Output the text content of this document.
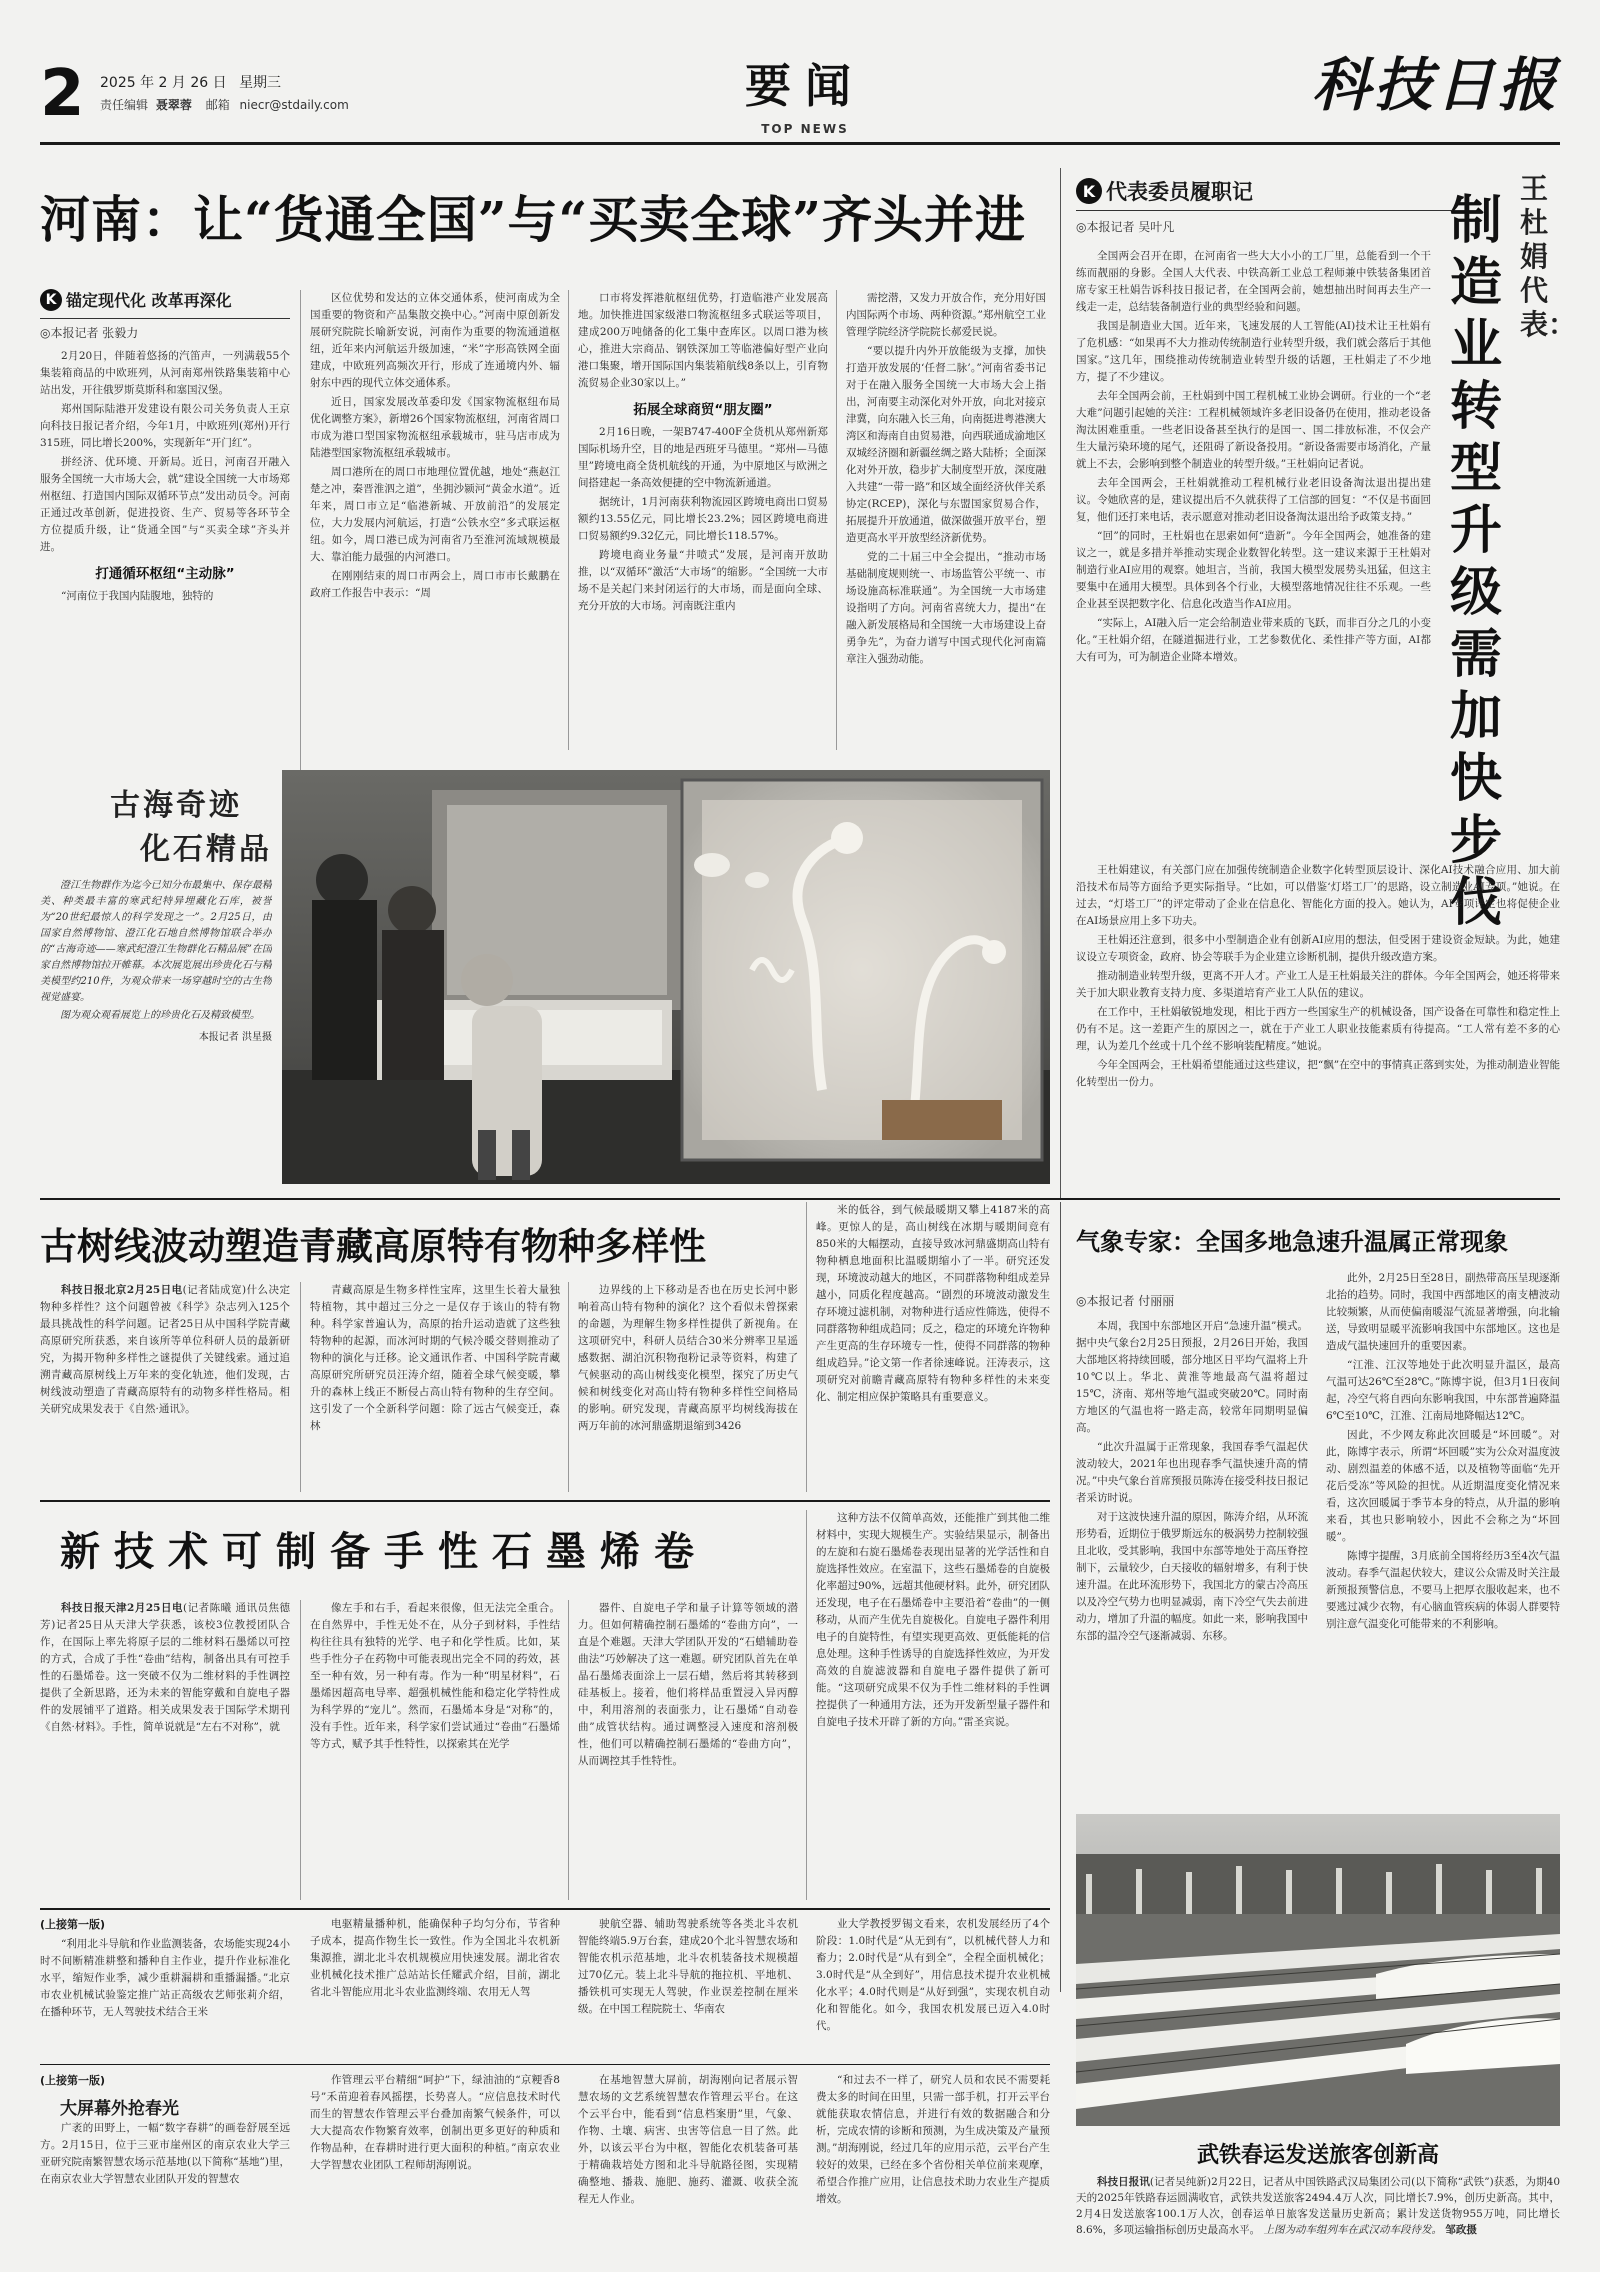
2 2025 年 2 月 26 日 星期三
责任编辑 聂翠蓉 邮箱 niecr@stdaily.com	要闻
TOP NEWS
科技日报
河南：让“货通全国”与“买卖全球”齐头并进
K 锚定现代化 改革再深化
◎本报记者 张毅力

2月20日，伴随着悠扬的汽笛声，一列满载55个集装箱商品的中欧班列，从河南郑州铁路集装箱中心站出发，开往俄罗斯莫斯科和塞国汉堡。

郑州国际陆港开发建设有限公司关务负责人王京向科技日报记者介绍，今年1月，中欧班列(郑州)开行315班，同比增长200%，实现新年“开门红”。

拼经济、优环境、开新局。近日，河南召开融入服务全国统一大市场大会，就“建设全国统一大市场郑州枢纽、打造国内国际双循环节点”发出动员令。河南正通过改革创新，促进投资、生产、贸易等各环节全方位提质升级，让“货通全国”与“买卖全球”齐头并进。

打通循环枢纽“主动脉”

“河南位于我国内陆腹地，独特的

区位优势和发达的立体交通体系，使河南成为全国重要的物资和产品集散交换中心。”河南中原创新发展研究院院长喻新安说，河南作为重要的物流通道枢纽，近年来内河航运升级加速，“米”字形高铁网全面建成，中欧班列高频次开行，形成了连通境内外、辐射东中西的现代立体交通体系。

近日，国家发展改革委印发《国家物流枢纽布局优化调整方案》，新增26个国家物流枢纽，河南省周口市成为港口型国家物流枢纽承载城市，驻马店市成为陆港型国家物流枢纽承载城市。

周口港所在的周口市地理位置优越，地处“燕赵江楚之冲，秦晋淮泗之道”，坐拥沙颍河“黄金水道”。近年来，周口市立足“临港新城、开放前沿”的发展定位，大力发展内河航运，打造“公铁水空”多式联运枢纽。如今，周口港已成为河南省乃至淮河流域规模最大、靠泊能力最强的内河港口。

在刚刚结束的周口市两会上，周口市市长戴鹏在政府工作报告中表示：“周

口市将发挥港航枢纽优势，打造临港产业发展高地。加快推进国家级港口物流枢纽多式联运等项目，建成200万吨储备的化工集中查库区。以周口港为核心，推进大宗商品、钢铁深加工等临港偏好型产业向港口集聚，增开国际国内集装箱航线8条以上，引育物流贸易企业30家以上。”

拓展全球商贸“朋友圈”

2月16日晚，一架B747-400F全货机从郑州新郑国际机场升空，目的地是西班牙马德里。“郑州—马德里”跨境电商全货机航线的开通，为中原地区与欧洲之间搭建起一条高效便捷的空中物流新通道。

据统计，1月河南获利物流园区跨境电商出口贸易额约13.55亿元，同比增长23.2%；园区跨境电商进口贸易额约9.32亿元，同比增长118.57%。

跨境电商业务量“井喷式”发展，是河南开放助推，以“双循环”激活“大市场”的缩影。“全国统一大市场不是关起门来封闭运行的大市场，而是面向全球、充分开放的大市场。河南既注重内

需挖潜，又发力开放合作，充分用好国内国际两个市场、两种资源。”郑州航空工业管理学院经济学院院长郝爱民说。

“要以提升内外开放能级为支撑，加快打造开放发展的‘任督二脉’。”河南省委书记对于在融入服务全国统一大市场大会上指出，河南要主动深化对外开放，向北对接京津冀，向东融入长三角，向南挺进粤港澳大湾区和海南自由贸易港，向西联通成渝地区双城经济圈和新疆丝绸之路大陆桥；全面深化对外开放，稳步扩大制度型开放，深度融入共建“一带一路”和区域全面经济伙伴关系协定(RCEP)，深化与东盟国家贸易合作，拓展提升开放通道，做深做强开放平台，塑造更高水平开放型经济新优势。

党的二十届三中全会提出，“推动市场基础制度规则统一、市场监管公平统一、市场设施高标准联通”。为全国统一大市场建设指明了方向。河南省喜统大力，提出“在融入新发展格局和全国统一大市场建设上奋勇争先”，为奋力谱写中国式现代化河南篇章注入强劲动能。

古海奇迹
化石精品

澄江生物群作为迄今已知分布最集中、保存最精美、种类最丰富的寒武纪特异埋藏化石库，被誉为“20世纪最惊人的科学发现之一”。2月25日，由国家自然博物馆、澄江化石地自然博物馆联合举办的“古海奇迹——寒武纪澄江生物群化石精品展”在国家自然博物馆拉开帷幕。本次展览展出珍贵化石与精美模型约210件，为观众带来一场穿越时空的古生物视觉盛宴。

图为观众观看展览上的珍贵化石及精致模型。

本报记者 洪星摄
K 代表委员履职记
◎本报记者 吴叶凡
王杜娟代表：
制造业转型升级需加快步伐

全国两会召开在即，在河南省一些大大小小的工厂里，总能看到一个干练而靓丽的身影。全国人大代表、中铁高新工业总工程师兼中铁装备集团首席专家王杜娟告诉科技日报记者，在全国两会前，她想抽出时间再去生产一线走一走，总结装备制造行业的典型经验和问题。

我国是制造业大国。近年来，飞速发展的人工智能(AI)技术让王杜娟有了危机感：“如果再不大力推动传统制造行业转型升级，我们就会落后于其他国家。”这几年，围绕推动传统制造业转型升级的话题，王杜娟走了不少地方，提了不少建议。

去年全国两会前，王杜娟到中国工程机械工业协会调研。行业的一个“老大难”问题引起她的关注：工程机械领域许多老旧设备仍在使用，推动老设备淘汰困难重重。一些老旧设备甚至执行的是国一、国二排放标准，不仅会产生大量污染环境的尾气，还阻碍了新设备投用。“新设备需要市场消化，产量就上不去，会影响到整个制造业的转型升级。”王杜娟向记者说。

去年全国两会，王杜娟就推动工程机械行业老旧设备淘汰退出提出建议。令她欣喜的是，建议提出后不久就获得了工信部的回复：“不仅是书面回复，他们还打来电话，表示愿意对推动老旧设备淘汰退出给予政策支持。”

“回”的同时，王杜娟也在思索如何“造新”。今年全国两会，她准备的建议之一，就是多措并举推动实现企业数智化转型。这一建议来源于王杜娟对制造行业AI应用的观察。她坦言，当前，我国大模型发展势头迅猛，但这主要集中在通用大模型。具体到各个行业，大模型落地情况往往不乐观。一些企业甚至误把数字化、信息化改造当作AI应用。

“实际上，AI融入后一定会给制造业带来质的飞跃，而非百分之几的小变化。”王杜娟介绍，在隧道掘进行业，工艺参数优化、柔性排产等方面，AI都大有可为，可为制造企业降本增效。

王杜娟建议，有关部门应在加强传统制造企业数字化转型顶层设计、深化AI技术融合应用、加大前沿技术布局等方面给予更实际指导。“比如，可以借鉴‘灯塔工厂’的思路，设立制造业AI专项。”她说。在过去，“灯塔工厂”的评定带动了企业在信息化、智能化方面的投入。她认为，AI专项评定也将促使企业在AI场景应用上多下功夫。

王杜娟还注意到，很多中小型制造企业有创新AI应用的想法，但受困于建设资金短缺。为此，她建议设立专项资金，政府、协会等联手为企业建立诊断机制，提供升级改造方案。

推动制造业转型升级，更离不开人才。产业工人是王杜娟最关注的群体。今年全国两会，她还将带来关于加大职业教育支持力度、多渠道培育产业工人队伍的建议。

在工作中，王杜娟敏锐地发现，相比于西方一些国家生产的机械设备，国产设备在可靠性和稳定性上仍有不足。这一差距产生的原因之一，就在于产业工人职业技能素质有待提高。“工人常有差不多的心理，认为差几个丝或十几个丝不影响装配精度。”她说。

今年全国两会，王杜娟希望能通过这些建议，把“飘”在空中的事情真正落到实处，为推动制造业智能化转型出一份力。

古树线波动塑造青藏高原特有物种多样性

科技日报北京2月25日电(记者陆成宽)什么决定物种多样性？这个问题曾被《科学》杂志列入125个最具挑战性的科学问题。记者25日从中国科学院青藏高原研究所获悉，来自该所等单位科研人员的最新研究，为揭开物种多样性之谜提供了关键线索。通过追溯青藏高原树线上万年来的变化轨迹，他们发现，古树线波动塑造了青藏高原特有的动物多样性格局。相关研究成果发表于《自然·通讯》。

青藏高原是生物多样性宝库，这里生长着大量独特植物，其中超过三分之一是仅存于该山的特有物种。科学家普遍认为，高原的抬升运动造就了这些独特物种的起源，而冰河时期的气候冷暖交替则推动了物种的演化与迁移。论文通讯作者、中国科学院青藏高原研究所研究员汪涛介绍，随着全球气候变暖，攀升的森林上线正不断侵占高山特有物种的生存空间。这引发了一个全新科学问题：除了远古气候变迁，森林

边界线的上下移动是否也在历史长河中影响着高山特有物种的演化？这个看似未曾探索的命题，为理解生物多样性提供了新视角。在这项研究中，科研人员结合30米分辨率卫星遥感数据、湖泊沉积物孢粉记录等资料，构建了气候驱动的高山树线变化模型，探究了历史气候和树线变化对高山特有物种多样性空间格局的影响。研究发现，青藏高原平均树线海拔在两万年前的冰河鼎盛期退缩到3426

米的低谷，到气候最暖期又攀上4187米的高峰。更惊人的是，高山树线在冰期与暖期间竟有850米的大幅摆动，直接导致冰河鼎盛期高山特有物种栖息地面积比温暖期缩小了一半。研究还发现，环境波动越大的地区，不同群落物种组成差异越小，同质化程度越高。“剧烈的环境波动激发生存环境过滤机制，对物种进行适应性筛选，使得不同群落物种组成趋同；反之，稳定的环境允许物种产生更高的生存环境专一性，使得不同群落的物种组成趋异。”论文第一作者徐速峰说。汪涛表示，这项研究对前瞻青藏高原特有物种多样性的未来变化、制定相应保护策略具有重要意义。

气象专家：全国多地急速升温属正常现象
◎本报记者 付丽丽

本周，我国中东部地区开启“急速升温”模式。据中央气象台2月25日预报，2月26日开始，我国大部地区将持续回暖，部分地区日平均气温将上升10℃以上。华北、黄淮等地最高气温将超过15℃，济南、郑州等地气温或突破20℃。同时南方地区的气温也将一路走高，较常年同期明显偏高。

“此次升温属于正常现象，我国春季气温起伏波动较大，2021年也出现春季气温快速升高的情况。”中央气象台首席预报员陈涛在接受科技日报记者采访时说。

对于这波快速升温的原因，陈涛介绍，从环流形势看，近期位于俄罗斯远东的极涡势力控制较强且北收，受其影响，我国中东部等地处于高压脊控制下，云量较少，白天接收的辐射增多，有利于快速升温。在此环流形势下，我国北方的蒙古冷高压以及冷空气势力也明显减弱，南下冷空气失去前进动力，增加了升温的幅度。如此一来，影响我国中东部的温冷空气逐渐减弱、东移。

此外，2月25日至28日，副热带高压呈现逐渐北抬的趋势。同时，我国中西部地区的南支槽波动比较频繁，从而使偏南暖湿气流显著增强，向北输送，导致明显暖平流影响我国中东部地区。这也是造成气温快速回升的重要因素。

“江淮、江汉等地处于此次明显升温区，最高气温可达26℃至28℃。”陈博宇说，但3月1日夜间起，冷空气将自西向东影响我国，中东部普遍降温6℃至10℃，江淮、江南局地降幅达12℃。

因此，不少网友称此次回暖是“坏回暖”。对此，陈博宇表示，所谓“坏回暖”实为公众对温度波动、剧烈温差的体感不适，以及植物等面临“先开花后受冻”等风险的担忧。从近期温度变化情况来看，这次回暖属于季节本身的特点，从升温的影响来看，其也只影响较小，因此不会称之为“坏回暖”。

陈博宇提醒，3月底前全国将经历3至4次气温波动。春季气温起伏较大，建议公众需及时关注最新预报预警信息，不要马上把厚衣服收起来，也不要逃过减少衣物，有心脑血管疾病的体弱人群要特别注意气温变化可能带来的不利影响。

新技术可制备手性石墨烯卷

科技日报天津2月25日电(记者陈曦 通讯员焦德芳)记者25日从天津大学获悉，该校3位教授团队合作，在国际上率先将原子层的二维材料石墨烯以可控的方式，合成了手性“卷曲”结构，制备出具有可控手性的石墨烯卷。这一突破不仅为二维材料的手性调控提供了全新思路，还为未来的智能穿戴和自旋电子器件的发展铺平了道路。相关成果发表于国际学术期刊《自然·材料》。手性，简单说就是“左右不对称”，就

像左手和右手，看起来很像，但无法完全重合。在自然界中，手性无处不在，从分子到材料，手性结构往往具有独特的光学、电子和化学性质。比如，某些手性分子在药物中可能表现出完全不同的药效，甚至一种有效，另一种有毒。作为一种“明星材料”，石墨烯因超高电导率、超强机械性能和稳定化学特性成为科学界的“宠儿”。然而，石墨烯本身是“对称”的，没有手性。近年来，科学家们尝试通过“卷曲”石墨烯等方式，赋予其手性特性，以探索其在光学

器件、自旋电子学和量子计算等领域的潜力。但如何精确控制石墨烯的“卷曲方向”，一直是个难题。天津大学团队开发的“石蜡辅助卷曲法”巧妙解决了这一难题。研究团队首先在单晶石墨烯表面涂上一层石蜡，然后将其转移到硅基板上。接着，他们将样品重置浸入异丙醇中，利用溶剂的表面张力，让石墨烯“自动卷曲”成管状结构。通过调整浸入速度和溶剂极性，他们可以精确控制石墨烯的“卷曲方向”，从而调控其手性特性。

这种方法不仅简单高效，还能推广到其他二维材料中，实现大规模生产。实验结果显示，制备出的左旋和右旋石墨烯卷表现出显著的光学活性和自旋选择性效应。在室温下，这些石墨烯卷的自旋极化率超过90%，远超其他硬材料。此外，研究团队还发现，电子在石墨烯卷中主要沿着“卷曲”的一侧移动，从而产生优先自旋极化。自旋电子器件利用电子的自旋特性，有望实现更高效、更低能耗的信息处理。这种手性诱导的自旋选择性效应，为开发高效的自旋滤波器和自旋电子器件提供了新可能。“这项研究成果不仅为手性二维材料的手性调控提供了一种通用方法，还为开发新型量子器件和自旋电子技术开辟了新的方向。”雷圣宾说。

(上接第一版)

“利用北斗导航和作业监测装备，农场能实现24小时不间断精准耕整和播种自主作业，提升作业标准化水平，缩短作业季，减少重耕漏耕和重播漏播。”北京市农业机械试验鉴定推广站正高级农艺师张莉介绍，在播种环节，无人驾驶技术结合王米

电驱精量播种机，能确保种子均匀分布，节省种子成本，提高作物生长一致性。作为全国北斗农机新集源推，湖北北斗农机规模应用快速发展。湖北省农业机械化技术推广总站站长任耀武介绍，目前，湖北省北斗智能应用北斗农业监测终端、农用无人驾

驶航空器、辅助驾驶系统等各类北斗农机智能终端5.9万台套，建成20个北斗智慧农场和智能农机示范基地，北斗农机装备技术规模超过70亿元。装上北斗导航的拖拉机、平地机、播铁机可实现无人驾驶，作业误差控制在厘米级。在中国工程院院士、华南农

业大学教授罗锡文看来，农机发展经历了4个阶段：1.0时代是“从无到有”，以机械代替人力和畜力；2.0时代是“从有到全”，全程全面机械化；3.0时代是“从全到好”，用信息技术提升农业机械化水平；4.0时代则是“从好到强”，实现农机自动化和智能化。如今，我国农机发展已迈入4.0时代。

(上接第一版)
大屏幕外抢春光

广袤的田野上，一幅“数字春耕”的画卷舒展至远方。2月15日，位于三亚市崖州区的南京农业大学三亚研究院南繁智慧农场示范基地(以下简称“基地”)里，在南京农业大学智慧农业团队开发的智慧农

作管理云平台精细“呵护”下，绿油油的“京粳香8号”禾苗迎着春风摇摆，长势喜人。“应信息技术时代而生的智慧农作管理云平台叠加南繁气候条件，可以大大提高农作物繁育效率，创制出更多更好的种质和作物品种，在春耕时进行更大面积的种植。”南京农业大学智慧农业团队工程师胡海刚说。

在基地智慧大屏前，胡海刚向记者展示智慧农场的文艺系统智慧农作管理云平台。在这个云平台中，能看到“信息档案册”里，气象、作物、土壤、病害、虫害等信息一目了然。此外，以该云平台为中枢，智能化农机装备可基于精确栽培处方图和北斗导航路径图，实现精确整地、播栽、施肥、施药、灌溉、收获全流程无人作业。

“和过去不一样了，研究人员和农民不需要耗费太多的时间在田里，只需一部手机，打开云平台就能获取农情信息，并进行有效的数据融合和分析，完成农情的诊断和预测，为生成决策及产量预测。”胡海刚说，经过几年的应用示范，云平台产生较好的效果，已经在多个省份相关单位前来观摩，希望合作推广应用，让信息技术助力农业生产提质增效。

武铁春运发送旅客创新高

科技日报讯(记者吴纯新)2月22日，记者从中国铁路武汉局集团公司(以下简称“武铁”)获悉，为期40天的2025年铁路春运圆满收官，武铁共发送旅客2494.4万人次，同比增长7.9%，创历史新高。其中，2月4日发送旅客100.1万人次，创春运单日旅客发送量历史新高；累计发送货物955万吨，同比增长8.6%，多项运输指标创历史最高水平。 上图为动车组列车在武汉动车段待发。 邹政摄
